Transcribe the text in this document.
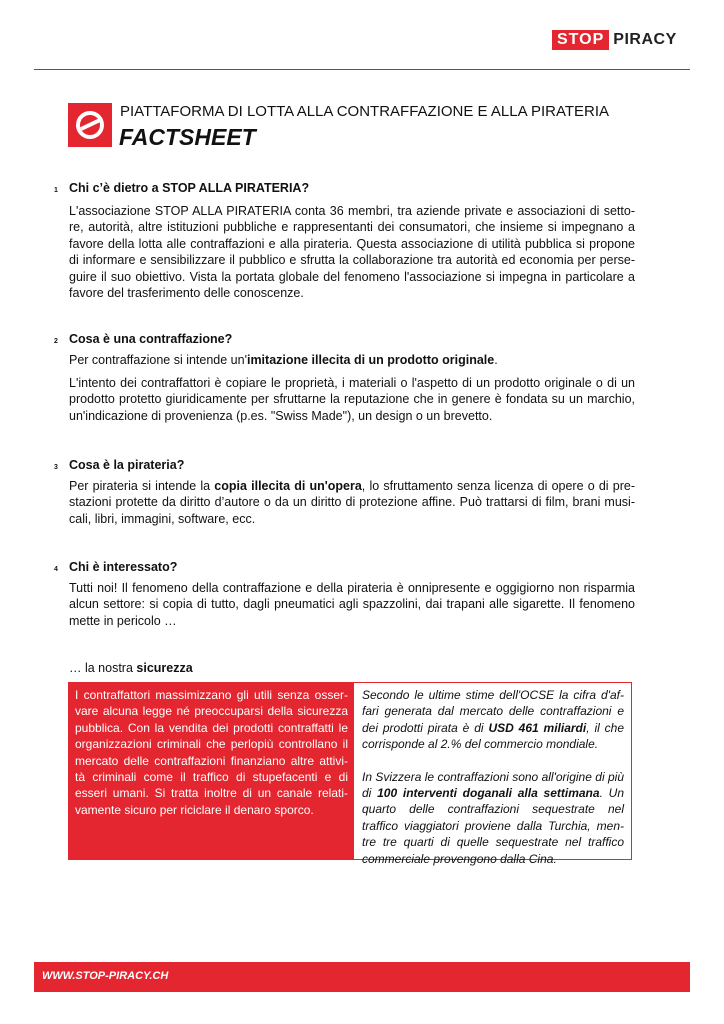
STOP PIRACY
PIATTAFORMA DI LOTTA ALLA CONTRAFFAZIONE E ALLA PIRATERIA
FACTSHEET
1 Chi c’è dietro a STOP ALLA PIRATERIA?

L'associazione STOP ALLA PIRATERIA conta 36 membri, tra aziende private e associazioni di setto-re, autorità, altre istituzioni pubbliche e rappresentanti dei consumatori, che insieme si impegnano a favore della lotta alle contraffazioni e alla pirateria. Questa associazione di utilità pubblica si propone di informare e sensibilizzare il pubblico e sfrutta la collaborazione tra autorità ed economia per perse-guire il suo obiettivo. Vista la portata globale del fenomeno l'associazione si impegna in particolare a favore del trasferimento delle conoscenze.

2 Cosa è una contraffazione?

Per contraffazione si intende un'imitazione illecita di un prodotto originale.

L'intento dei contraffattori è copiare le proprietà, i materiali o l'aspetto di un prodotto originale o di un prodotto protetto giuridicamente per sfruttarne la reputazione che in genere è fondata su un marchio, un'indicazione di provenienza (p.es. "Swiss Made"), un design o un brevetto.

3 Cosa è la pirateria?

Per pirateria si intende la copia illecita di un'opera, lo sfruttamento senza licenza di opere o di pre-stazioni protette da diritto d’autore o da un diritto di protezione affine. Può trattarsi di film, brani musi-cali, libri, immagini, software, ecc.

4 Chi è interessato?

Tutti noi! Il fenomeno della contraffazione e della pirateria è onnipresente e oggigiorno non risparmia alcun settore: si copia di tutto, dagli pneumatici agli spazzolini, dai trapani alle sigarette. Il fenomeno mette in pericolo …

… la nostra sicurezza
I contraffattori massimizzano gli utili senza osser-vare alcuna legge né preoccuparsi della sicurezza pubblica. Con la vendita dei prodotti contraffatti le organizzazioni criminali che perlopiù controllano il mercato delle contraffazioni finanziano altre attivi-tà criminali come il traffico di stupefacenti e di esseri umani. Si tratta inoltre di un canale relati-vamente sicuro per riciclare il denaro sporco.

Secondo le ultime stime dell'OCSE la cifra d'af-fari generata dal mercato delle contraffazioni e dei prodotti pirata è di USD 461 miliardi, il che corrisponde al 2.% del commercio mondiale.

In Svizzera le contraffazioni sono all'origine di più di 100 interventi doganali alla settimana. Un quarto delle contraffazioni sequestrate nel traffico viaggiatori proviene dalla Turchia, men-tre tre quarti di quelle sequestrate nel traffico commerciale provengono dalla Cina.

WWW.STOP-PIRACY.CH
